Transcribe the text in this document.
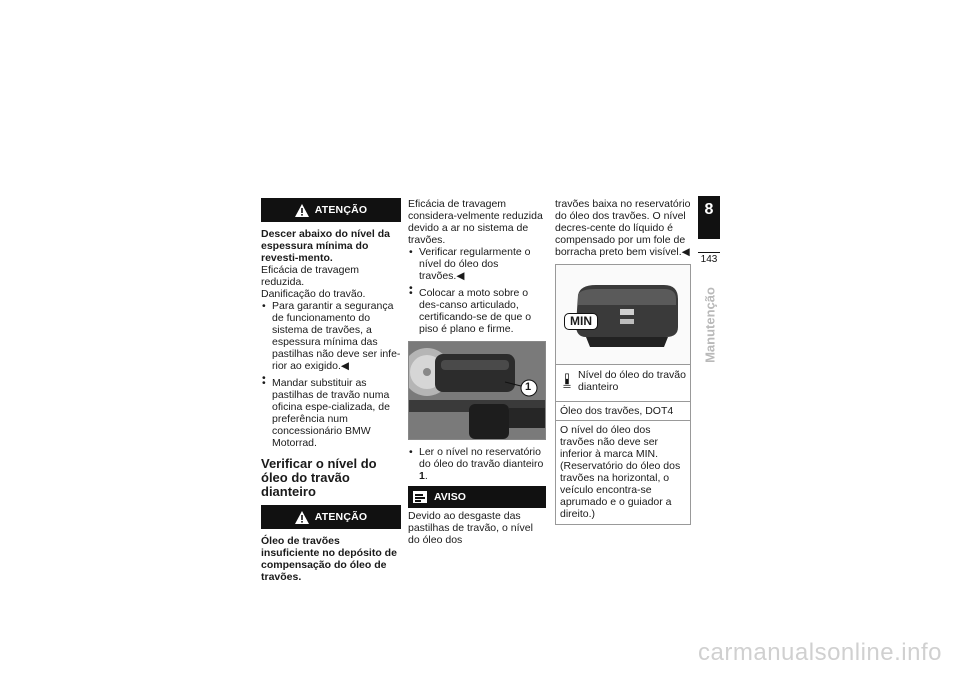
ATENÇÃO
Descer abaixo do nível da espessura mínima do revesti-mento.
Eficácia de travagem reduzida.
Danificação do travão.
• Para garantir a segurança de funcionamento do sistema de travões, a espessura mínima das pastilhas não deve ser infe-rior ao exigido.◀
•
• Mandar substituir as pastilhas de travão numa oficina espe-cializada, de preferência num concessionário BMW Motorrad.
Verificar o nível do óleo do travão dianteiro
ATENÇÃO
Óleo de travões insuficiente no depósito de compensação do óleo de travões.
Eficácia de travagem considera-velmente reduzida devido a ar no sistema de travões.
• Verificar regularmente o nível do óleo dos travões.◀
•
• Colocar a moto sobre o des-canso articulado, certificando-se de que o piso é plano e firme.
1
• Ler o nível no reservatório do óleo do travão dianteiro 1.
AVISO
Devido ao desgaste das pastilhas de travão, o nível do óleo dos
travões baixa no reservatório do óleo dos travões. O nível decres-cente do líquido é compensado por um fole de borracha preto bem visível.◀
MIN
Nível do óleo do travão dianteiro
Óleo dos travões, DOT4
O nível do óleo dos travões não deve ser inferior à marca MIN. (Reservatório do óleo dos travões na horizontal, o veículo encontra-se aprumado e o guiador a direito.)
8
143
Manutenção
carmanualsonline.info
